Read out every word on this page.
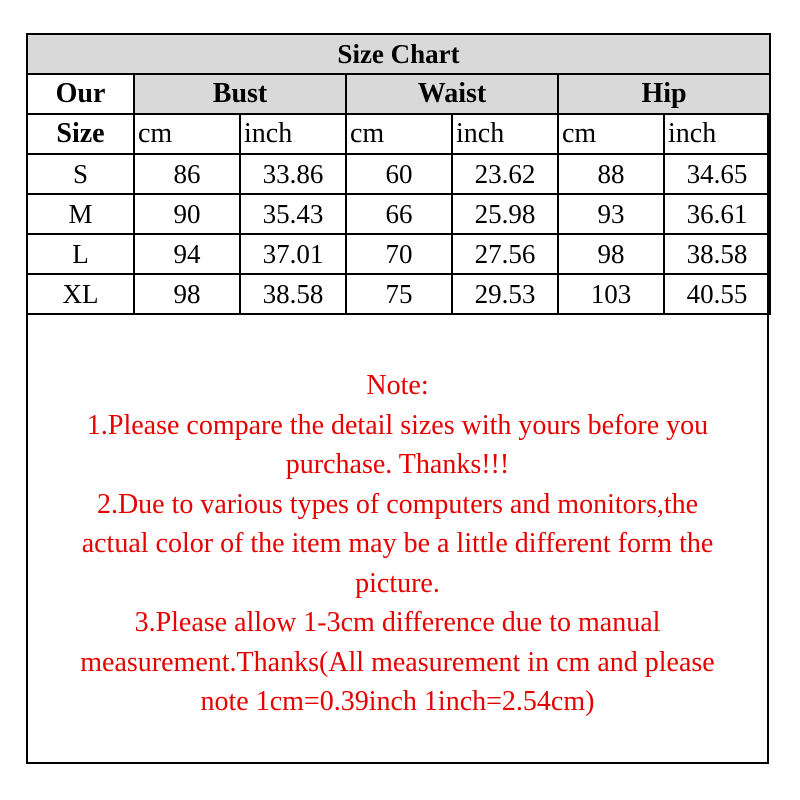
Size Chart						
Our	Bust		Waist		Hip	
Size	cm	inch	cm	inch	cm	inch
S	86	33.86	60	23.62	88	34.65
M	90	35.43	66	25.98	93	36.61
L	94	37.01	70	27.56	98	38.58
XL	98	38.58	75	29.53	103	40.55
Note:
1.Please compare the detail sizes with yours before you
purchase. Thanks!!!
2.Due to various types of computers and monitors,the
actual color of the item may be a little different form the
picture.
3.Please allow 1-3cm difference due to manual
measurement.Thanks(All measurement in cm and please
note 1cm=0.39inch 1inch=2.54cm)
